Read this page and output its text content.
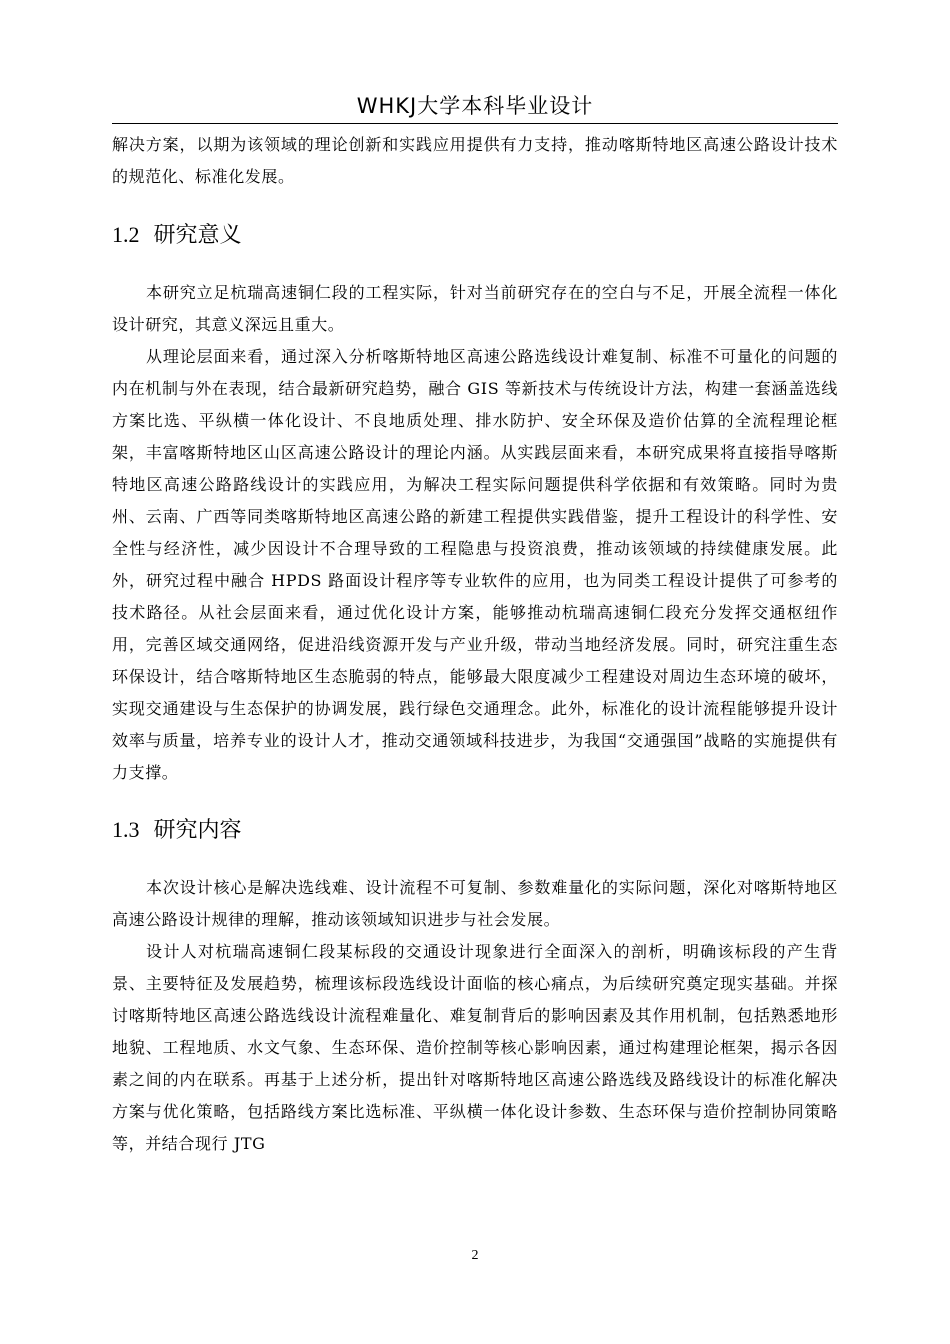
WHKJ大学本科毕业设计

解决方案，以期为该领域的理论创新和实践应用提供有力支持，推动喀斯特地区高速公路设计技术的规范化、标准化发展。

1.2 研究意义

本研究立足杭瑞高速铜仁段的工程实际，针对当前研究存在的空白与不足，开展全流程一体化设计研究，其意义深远且重大。

从理论层面来看，通过深入分析喀斯特地区高速公路选线设计难复制、标准不可量化的问题的内在机制与外在表现，结合最新研究趋势，融合 GIS 等新技术与传统设计方法，构建一套涵盖选线方案比选、平纵横一体化设计、不良地质处理、排水防护、安全环保及造价估算的全流程理论框架，丰富喀斯特地区山区高速公路设计的理论内涵。从实践层面来看，本研究成果将直接指导喀斯特地区高速公路路线设计的实践应用，为解决工程实际问题提供科学依据和有效策略。同时为贵州、云南、广西等同类喀斯特地区高速公路的新建工程提供实践借鉴，提升工程设计的科学性、安全性与经济性，减少因设计不合理导致的工程隐患与投资浪费，推动该领域的持续健康发展。此外，研究过程中融合 HPDS 路面设计程序等专业软件的应用，也为同类工程设计提供了可参考的技术路径。从社会层面来看，通过优化设计方案，能够推动杭瑞高速铜仁段充分发挥交通枢纽作用，完善区域交通网络，促进沿线资源开发与产业升级，带动当地经济发展。同时，研究注重生态环保设计，结合喀斯特地区生态脆弱的特点，能够最大限度减少工程建设对周边生态环境的破坏，实现交通建设与生态保护的协调发展，践行绿色交通理念。此外，标准化的设计流程能够提升设计效率与质量，培养专业的设计人才，推动交通领域科技进步，为我国“交通强国”战略的实施提供有力支撑。

1.3 研究内容

本次设计核心是解决选线难、设计流程不可复制、参数难量化的实际问题，深化对喀斯特地区高速公路设计规律的理解，推动该领域知识进步与社会发展。

设计人对杭瑞高速铜仁段某标段的交通设计现象进行全面深入的剖析，明确该标段的产生背景、主要特征及发展趋势，梳理该标段选线设计面临的核心痛点，为后续研究奠定现实基础。并探讨喀斯特地区高速公路选线设计流程难量化、难复制背后的影响因素及其作用机制，包括熟悉地形地貌、工程地质、水文气象、生态环保、造价控制等核心影响因素，通过构建理论框架，揭示各因素之间的内在联系。再基于上述分析，提出针对喀斯特地区高速公路选线及路线设计的标准化解决方案与优化策略，包括路线方案比选标准、平纵横一体化设计参数、生态环保与造价控制协同策略等，并结合现行 JTG

2
